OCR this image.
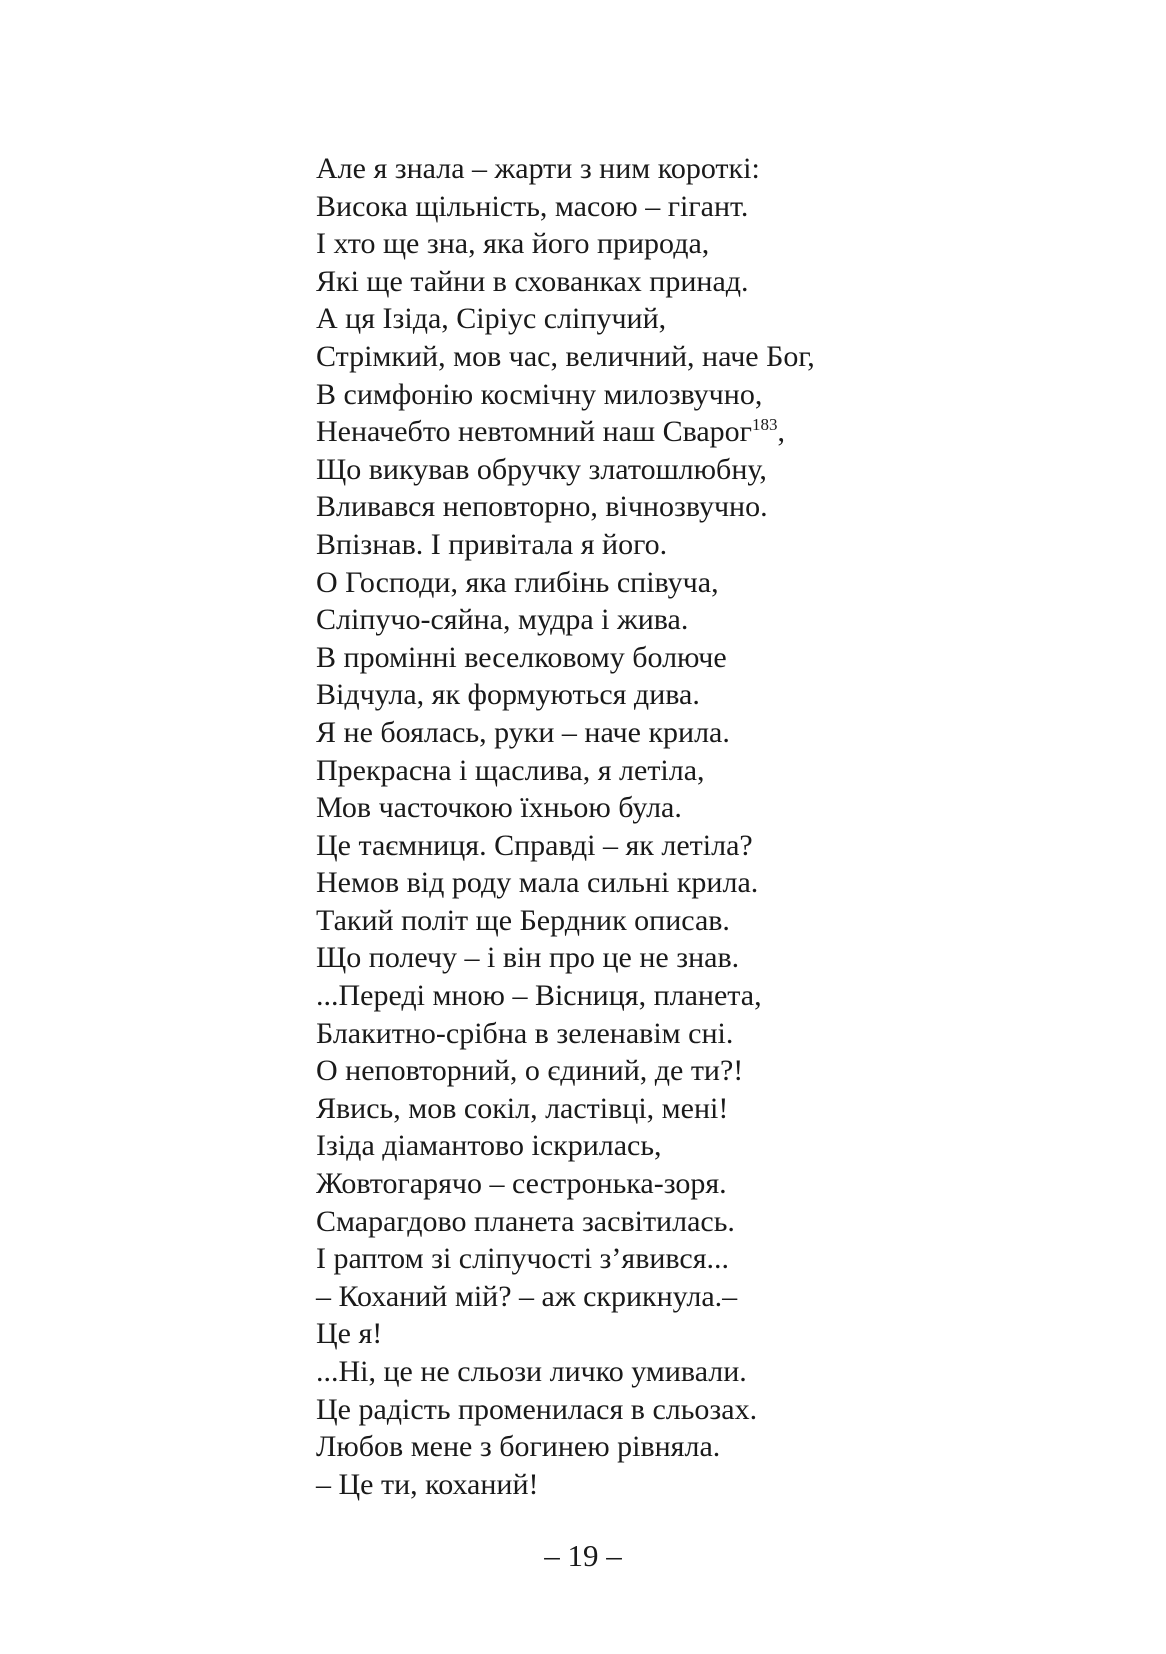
Але я знала – жарти з ним короткі:
Висока щільність, масою – гігант.
І хто ще зна, яка його природа,
Які ще тайни в схованках принад.
А ця Ізіда, Сіріус сліпучий,
Стрімкий, мов час, величний, наче Бог,
В симфонію космічну милозвучно,
Неначебто невтомний наш Сварог$^{183}$,
Що викував обручку златошлюбну,
Вливався неповторно, вічнозвучно.
Впізнав. І привітала я його.
О Господи, яка глибінь співуча,
Сліпучо-сяйна, мудра і жива.
В промінні веселковому болюче
Відчула, як формуються дива.
Я не боялась, руки – наче крила.
Прекрасна і щаслива, я летіла,
Мов часточкою їхньою була.
Це таємниця. Справді – як летіла?
Немов від роду мала сильні крила.
Такий політ ще Бердник описав.
Що полечу – і він про це не знав.
...Переді мною – Вісниця, планета,
Блакитно-срібна в зеленавім сні.
О неповторний, о єдиний, де ти?!
Явись, мов сокіл, ластівці, мені!
Ізіда діамантово іскрилась,
Жовтогарячо – сестронька-зоря.
Смарагдово планета засвітилась.
І раптом зі сліпучості з’явився...
– Коханий мій? – аж скрикнула.–
Це я!
...Ні, це не сльози личко умивали.
Це радість променилася в сльозах.
Любов мене з богинею рівняла.
– Це ти, коханий!
– 19 –
